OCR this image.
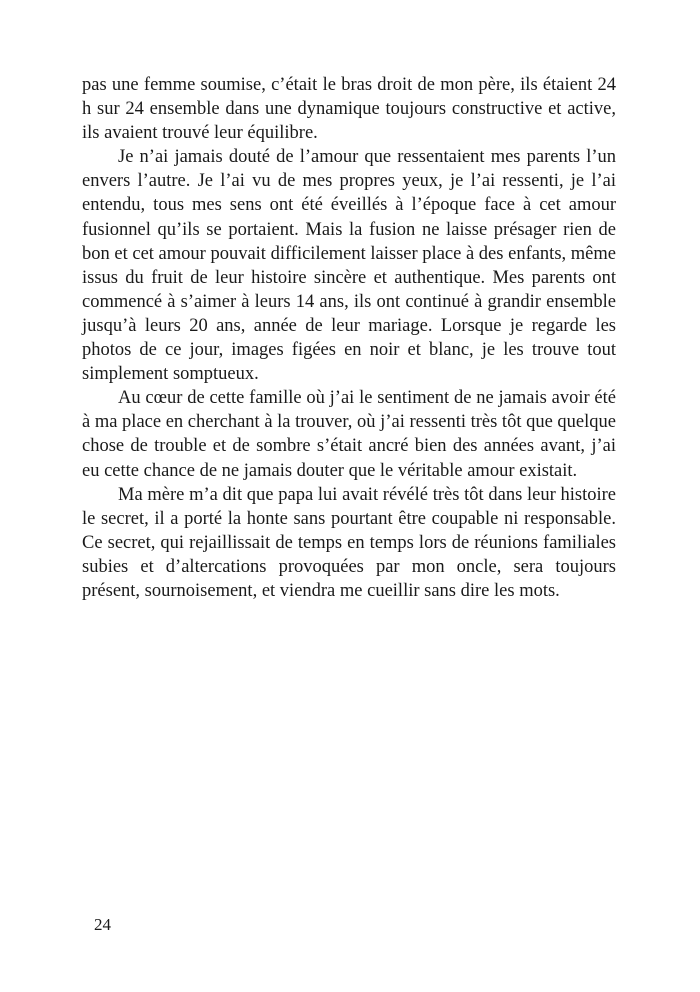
pas une femme soumise, c’était le bras droit de mon père, ils étaient 24 h sur 24 ensemble dans une dynamique toujours constructive et active, ils avaient trouvé leur équilibre.

Je n’ai jamais douté de l’amour que ressentaient mes parents l’un envers l’autre. Je l’ai vu de mes propres yeux, je l’ai ressenti, je l’ai entendu, tous mes sens ont été éveillés à l’époque face à cet amour fusionnel qu’ils se portaient. Mais la fusion ne laisse présager rien de bon et cet amour pouvait difficilement laisser place à des enfants, même issus du fruit de leur histoire sincère et authentique. Mes parents ont commencé à s’aimer à leurs 14 ans, ils ont continué à grandir ensemble jusqu’à leurs 20 ans, année de leur mariage. Lorsque je regarde les photos de ce jour, images figées en noir et blanc, je les trouve tout simplement somptueux.

Au cœur de cette famille où j’ai le sentiment de ne jamais avoir été à ma place en cherchant à la trouver, où j’ai ressenti très tôt que quelque chose de trouble et de sombre s’était ancré bien des années avant, j’ai eu cette chance de ne jamais douter que le véritable amour existait.

Ma mère m’a dit que papa lui avait révélé très tôt dans leur histoire le secret, il a porté la honte sans pourtant être coupable ni responsable. Ce secret, qui rejaillissait de temps en temps lors de réunions familiales subies et d’altercations provoquées par mon oncle, sera toujours présent, sournoisement, et viendra me cueillir sans dire les mots.

24
